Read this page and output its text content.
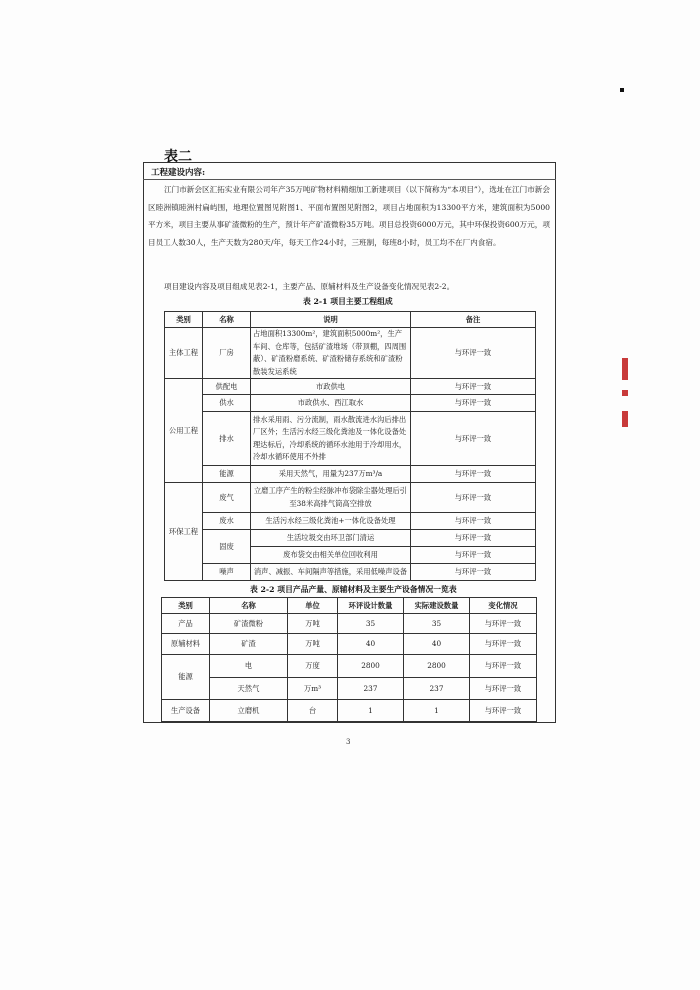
表二
工程建设内容:

江门市新会区汇拓实业有限公司年产35万吨矿物材料精细加工新建项目（以下简称为“本项目”），选址在江门市新会区睦洲镇睦洲村扁屿围，地理位置图见附图1、平面布置图见附图2，项目占地面积为13300平方米，建筑面积为5000平方米，项目主要从事矿渣微粉的生产，预计年产矿渣微粉35万吨。项目总投资6000万元，其中环保投资600万元，项目员工人数30人，生产天数为280天/年，每天工作24小时，三班制，每班8小时，员工均不在厂内食宿。

项目建设内容及项目组成见表2-1，主要产品、原辅材料及生产设备变化情况见表2-2。

表 2-1 项目主要工程组成
类别	名称	说明	备注
主体工程	厂房	占地面积13300m²，建筑面积5000m²，生产车间、仓库等，包括矿渣堆场（带顶棚，四周围蔽）、矿渣粉磨系统、矿渣粉储存系统和矿渣粉散装发运系统	与环评一致
公用工程	供配电	市政供电	与环评一致
	供水	市政供水、西江取水	与环评一致
	排水	排水采用雨、污分流制，雨水散流进水沟后排出厂区外；生活污水经三级化粪池及一体化设备处理达标后，冷却系统的循环水池用于冷却用水，冷却水循环使用不外排	与环评一致
	能源	采用天然气，用量为237万m³/a	与环评一致
环保工程	废气	立磨工序产生的粉尘经脉冲布袋除尘器处理后引至38米高排气筒高空排放	与环评一致
	废水	生活污水经三级化粪池+一体化设备处理	与环评一致
	固废	生活垃圾交由环卫部门清运	与环评一致
		废布袋交由相关单位回收利用	与环评一致
	噪声	消声、减振、车间隔声等措施，采用低噪声设备	与环评一致
表 2-2 项目产品产量、原辅材料及主要生产设备情况一览表
类别	名称	单位	环评设计数量	实际建设数量	变化情况
产品	矿渣微粉	万吨	35	35	与环评一致
原辅材料	矿渣	万吨	40	40	与环评一致
能源	电	万度	2800	2800	与环评一致
	天然气	万m³	237	237	与环评一致
生产设备	立磨机	台	1	1	与环评一致
3
